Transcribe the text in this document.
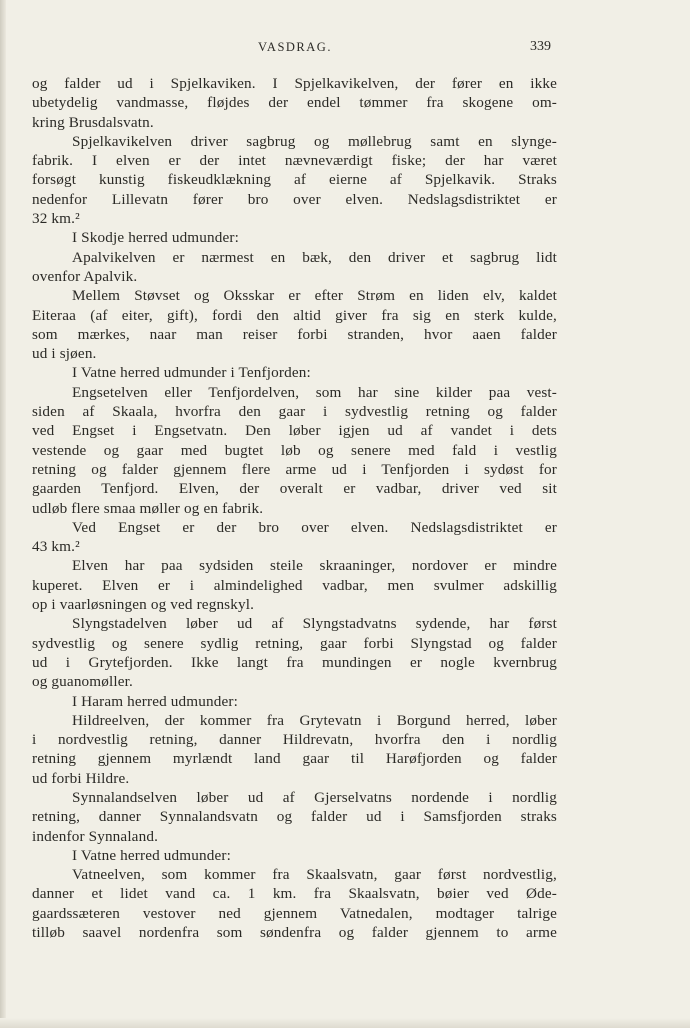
VASDRAG.	339
og falder ud i Spjelkaviken. I Spjelkavikelven, der fører en ikke
ubetydelig vandmasse, fløjdes der endel tømmer fra skogene om-
kring Brusdalsvatn.
Spjelkavikelven driver sagbrug og møllebrug samt en slynge-
fabrik. I elven er der intet nævneværdigt fiske; der har været
forsøgt kunstig fiskeudklækning af eierne af Spjelkavik. Straks
nedenfor Lillevatn fører bro over elven. Nedslagsdistriktet er
32 km.²
I Skodje herred udmunder:
Apalvikelven er nærmest en bæk, den driver et sagbrug lidt
ovenfor Apalvik.
Mellem Støvset og Oksskar er efter Strøm en liden elv, kaldet
Eiteraa (af eiter, gift), fordi den altid giver fra sig en sterk kulde,
som mærkes, naar man reiser forbi stranden, hvor aaen falder
ud i sjøen.
I Vatne herred udmunder i Tenfjorden:
Engsetelven eller Tenfjordelven, som har sine kilder paa vest-
siden af Skaala, hvorfra den gaar i sydvestlig retning og falder
ved Engset i Engsetvatn. Den løber igjen ud af vandet i dets
vestende og gaar med bugtet løb og senere med fald i vestlig
retning og falder gjennem flere arme ud i Tenfjorden i sydøst for
gaarden Tenfjord. Elven, der overalt er vadbar, driver ved sit
udløb flere smaa møller og en fabrik.
Ved Engset er der bro over elven. Nedslagsdistriktet er
43 km.²
Elven har paa sydsiden steile skraaninger, nordover er mindre
kuperet. Elven er i almindelighed vadbar, men svulmer adskillig
op i vaarløsningen og ved regnskyl.
Slyngstadelven løber ud af Slyngstadvatns sydende, har først
sydvestlig og senere sydlig retning, gaar forbi Slyngstad og falder
ud i Grytefjorden. Ikke langt fra mundingen er nogle kvernbrug
og guanomøller.
I Haram herred udmunder:
Hildreelven, der kommer fra Grytevatn i Borgund herred, løber
i nordvestlig retning, danner Hildrevatn, hvorfra den i nordlig
retning gjennem myrlændt land gaar til Harøfjorden og falder
ud forbi Hildre.
Synnalandselven løber ud af Gjerselvatns nordende i nordlig
retning, danner Synnalandsvatn og falder ud i Samsfjorden straks
indenfor Synnaland.
I Vatne herred udmunder:
Vatneelven, som kommer fra Skaalsvatn, gaar først nordvestlig,
danner et lidet vand ca. 1 km. fra Skaalsvatn, bøier ved Øde-
gaardssæteren vestover ned gjennem Vatnedalen, modtager talrige
tilløb saavel nordenfra som søndenfra og falder gjennem to arme
